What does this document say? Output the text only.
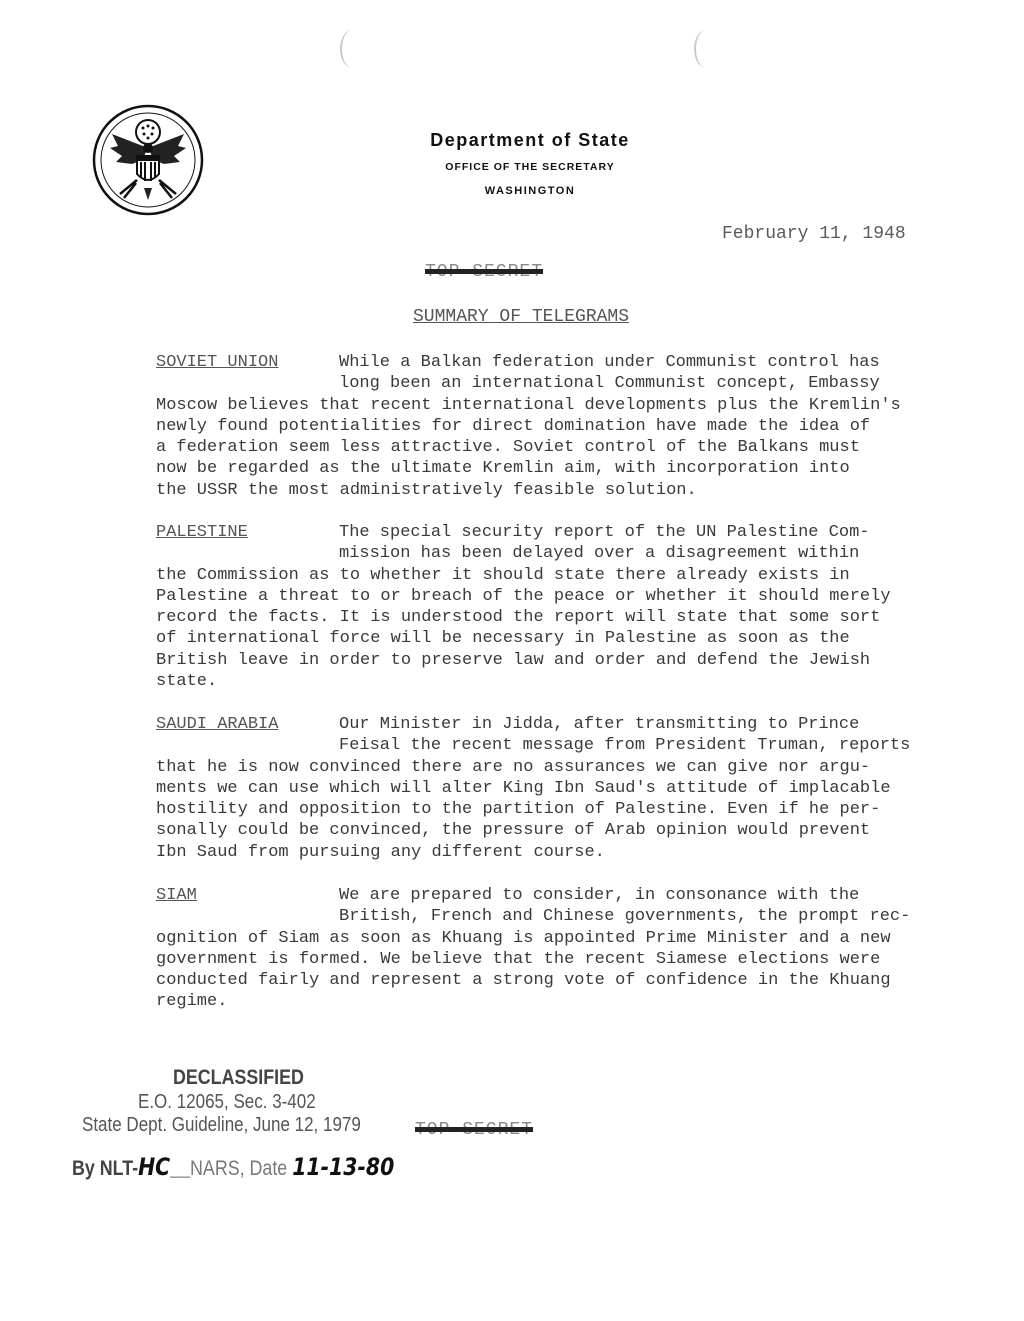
Department of State
OFFICE OF THE SECRETARY
WASHINGTON
February 11, 1948
TOP SECRET
SUMMARY OF TELEGRAMS
SOVIET UNION	While a Balkan federation under Communist control has
long been an international Communist concept, Embassy
Moscow believes that recent international developments plus the Kremlin's
newly found potentialities for direct domination have made the idea of
a federation seem less attractive. Soviet control of the Balkans must
now be regarded as the ultimate Kremlin aim, with incorporation into
the USSR the most administratively feasible solution.
PALESTINE	The special security report of the UN Palestine Com-
mission has been delayed over a disagreement within
the Commission as to whether it should state there already exists in
Palestine a threat to or breach of the peace or whether it should merely
record the facts. It is understood the report will state that some sort
of international force will be necessary in Palestine as soon as the
British leave in order to preserve law and order and defend the Jewish
state.
SAUDI ARABIA	Our Minister in Jidda, after transmitting to Prince
Feisal the recent message from President Truman, reports
that he is now convinced there are no assurances we can give nor argu-
ments we can use which will alter King Ibn Saud's attitude of implacable
hostility and opposition to the partition of Palestine. Even if he per-
sonally could be convinced, the pressure of Arab opinion would prevent
Ibn Saud from pursuing any different course.
SIAM	We are prepared to consider, in consonance with the
British, French and Chinese governments, the prompt rec-
ognition of Siam as soon as Khuang is appointed Prime Minister and a new
government is formed. We believe that the recent Siamese elections were
conducted fairly and represent a strong vote of confidence in the Khuang
regime.
DECLASSIFIED
E.O. 12065, Sec. 3-402
State Dept. Guideline, June 12, 1979	TOP SECRET
By NLT-HC__NARS, Date 11-13-80
